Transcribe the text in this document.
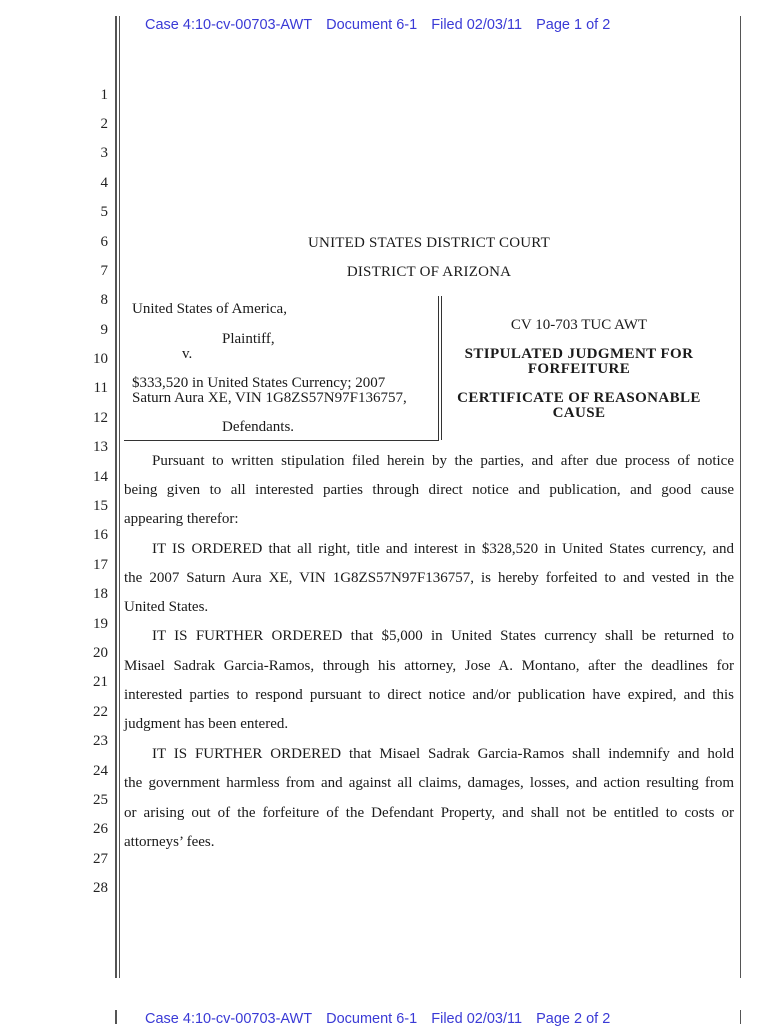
Case 4:10-cv-00703-AWT Document 6-1 Filed 02/03/11 Page 1 of 2
1
2
3
4
5
6
7
8
9
10
11
12
13
14
15
16
17
18
19
20
21
22
23
24
25
26
27
28
UNITED STATES DISTRICT COURT
DISTRICT OF ARIZONA
United States of America,
Plaintiff,
v.
$333,520 in United States Currency; 2007
Saturn Aura XE, VIN 1G8ZS57N97F136757,
Defendants.
CV 10-703 TUC AWT
STIPULATED JUDGMENT FOR
FORFEITURE
CERTIFICATE OF REASONABLE
CAUSE
Pursuant to written stipulation filed herein by the parties, and after due process of notice
being given to all interested parties through direct notice and publication, and good cause
appearing therefor:
IT IS ORDERED that all right, title and interest in $328,520 in United States currency, and
the 2007 Saturn Aura XE, VIN 1G8ZS57N97F136757, is hereby forfeited to and vested in the
United States.
IT IS FURTHER ORDERED that $5,000 in United States currency shall be returned to
Misael Sadrak Garcia-Ramos, through his attorney, Jose A. Montano, after the deadlines for
interested parties to respond pursuant to direct notice and/or publication have expired, and this
judgment has been entered.
IT IS FURTHER ORDERED that Misael Sadrak Garcia-Ramos shall indemnify and hold
the government harmless from and against all claims, damages, losses, and action resulting from
or arising out of the forfeiture of the Defendant Property, and shall not be entitled to costs or
attorneys’ fees.
Case 4:10-cv-00703-AWT Document 6-1 Filed 02/03/11 Page 2 of 2
